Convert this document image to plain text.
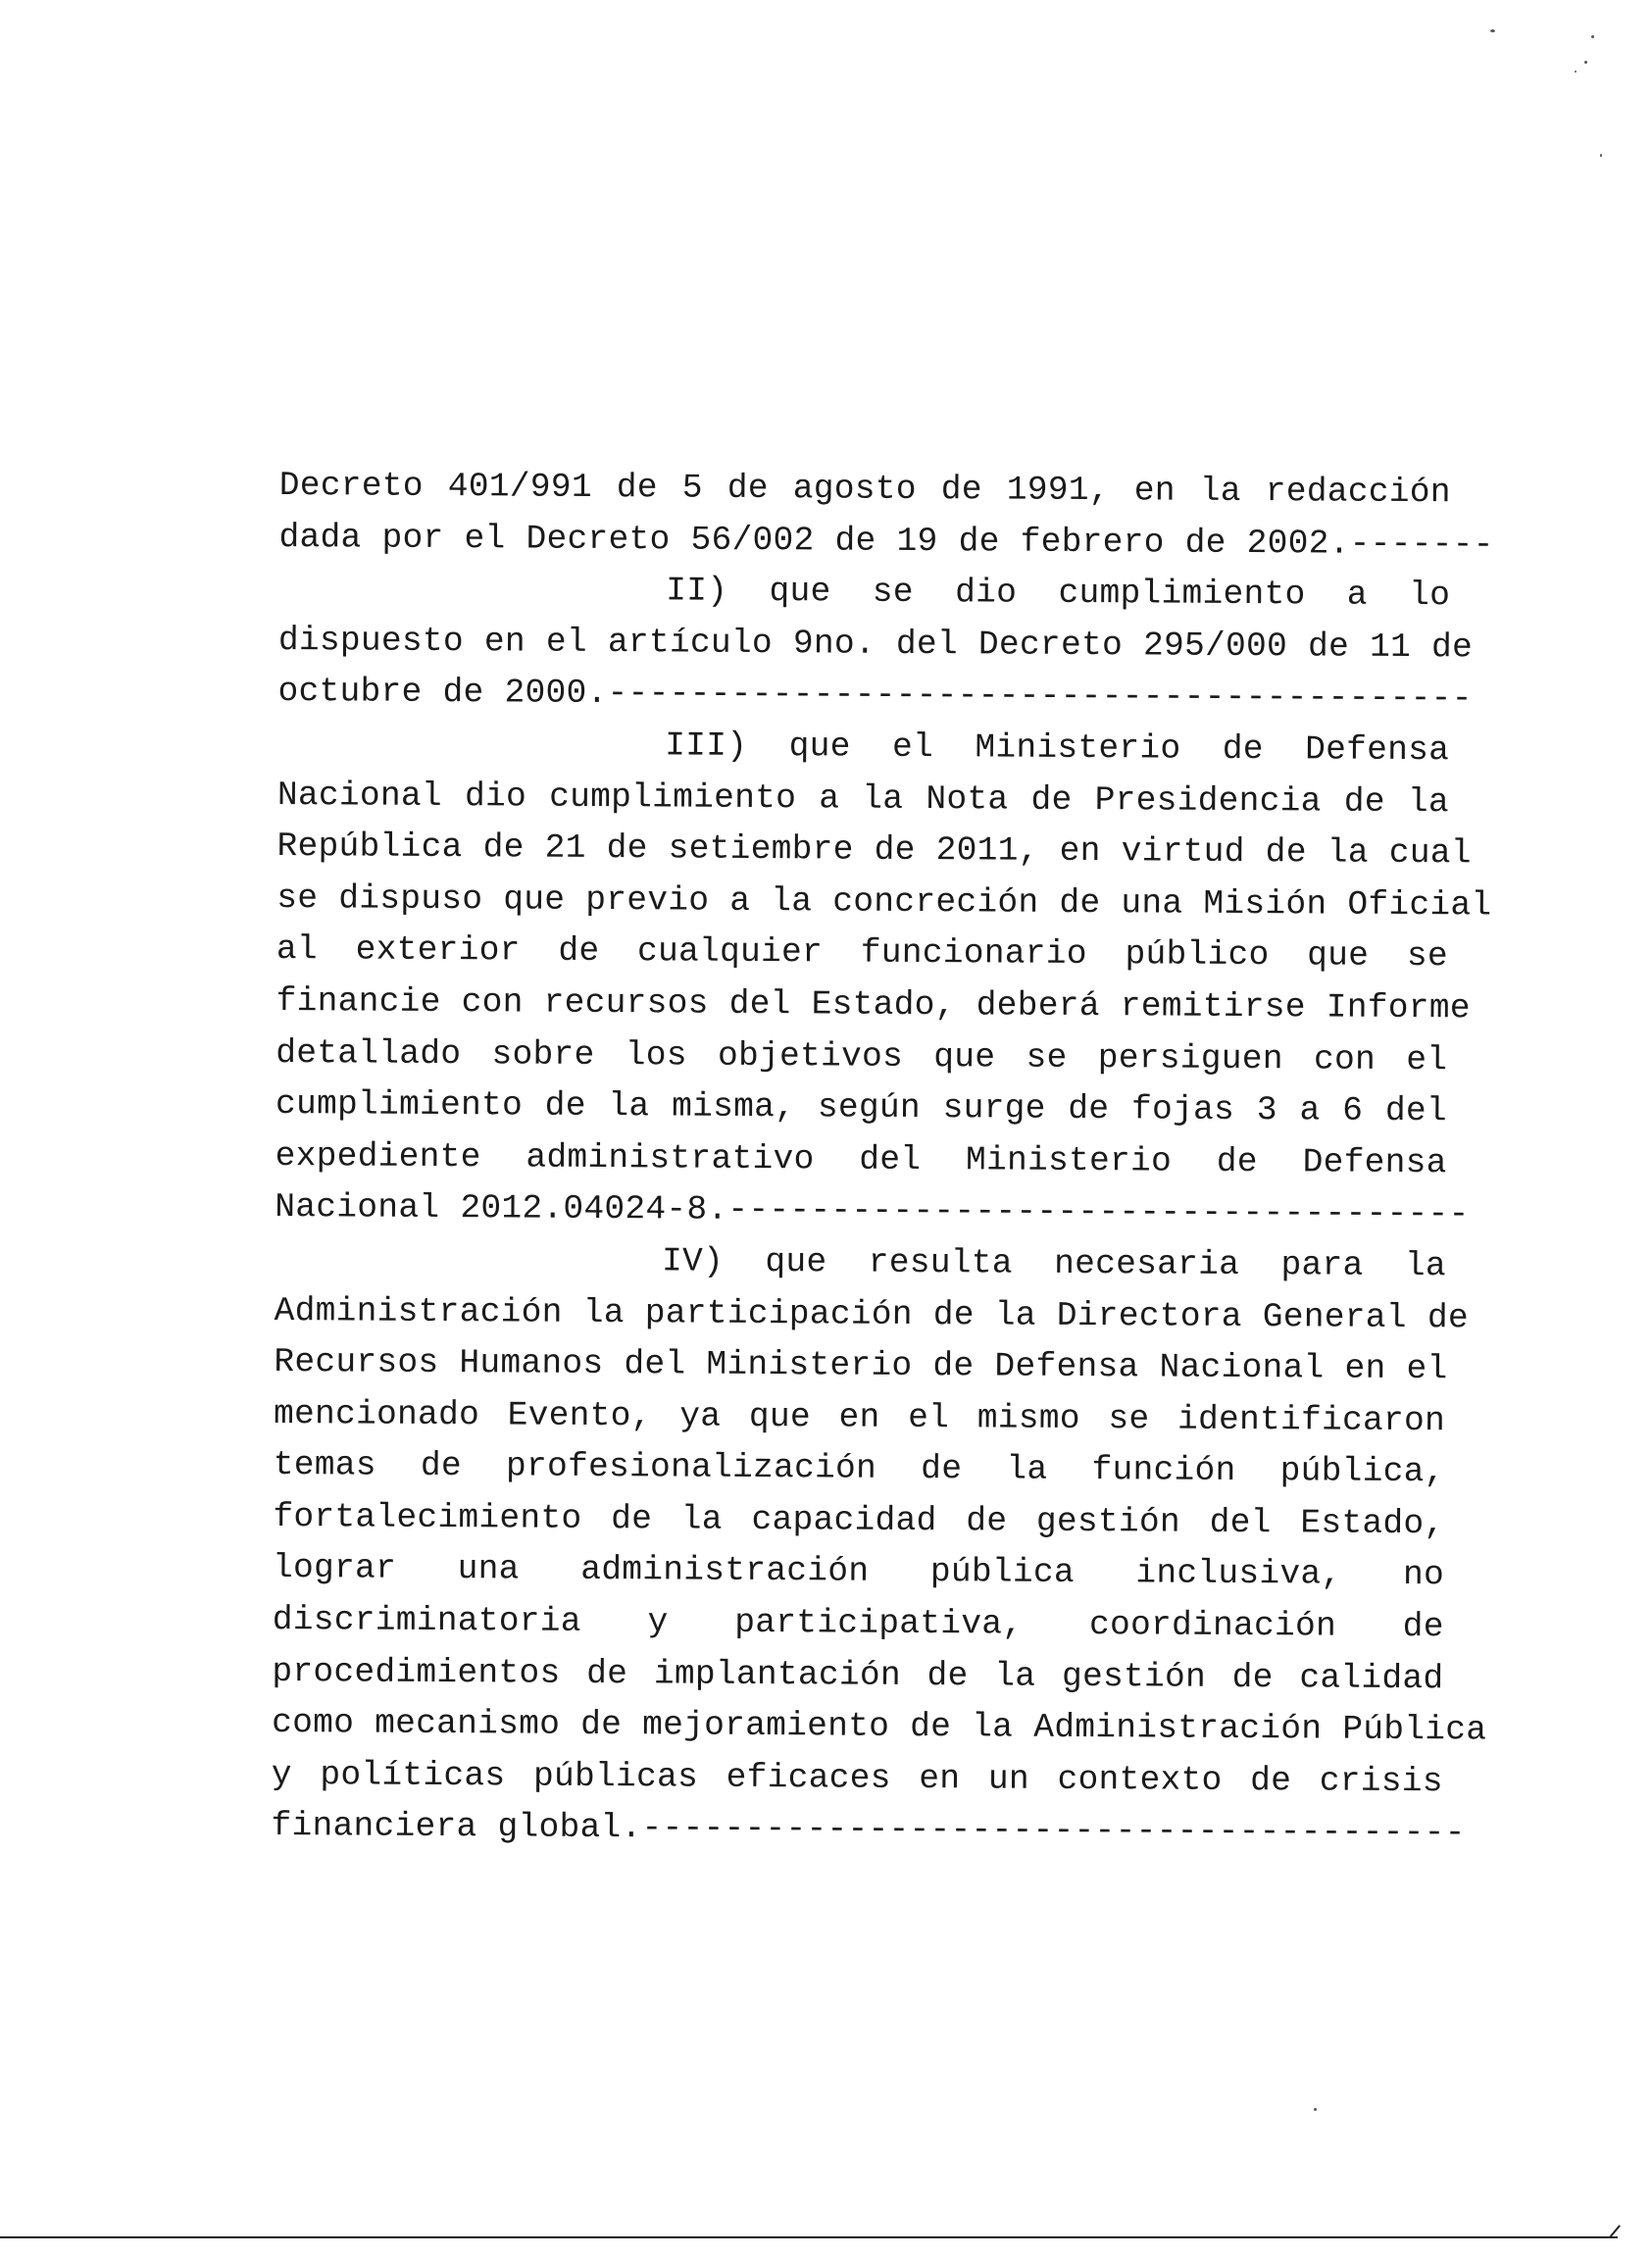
Decreto 401/991 de 5 de agosto de 1991, en la redacción
dada por el Decreto 56/002 de 19 de febrero de 2002.-------
II) que se dio cumplimiento a lo
dispuesto en el artículo 9no. del Decreto 295/000 de 11 de
octubre de 2000.------------------------------------------
III) que el Ministerio de Defensa
Nacional dio cumplimiento a la Nota de Presidencia de la
República de 21 de setiembre de 2011, en virtud de la cual
se dispuso que previo a la concreción de una Misión Oficial
al exterior de cualquier funcionario público que se
financie con recursos del Estado, deberá remitirse Informe
detallado sobre los objetivos que se persiguen con el
cumplimiento de la misma, según surge de fojas 3 a 6 del
expediente administrativo del Ministerio de Defensa
Nacional 2012.04024-8.------------------------------------
IV) que resulta necesaria para la
Administración la participación de la Directora General de
Recursos Humanos del Ministerio de Defensa Nacional en el
mencionado Evento, ya que en el mismo se identificaron
temas de profesionalización de la función pública,
fortalecimiento de la capacidad de gestión del Estado,
lograr una administración pública inclusiva, no
discriminatoria y participativa, coordinación de
procedimientos de implantación de la gestión de calidad
como mecanismo de mejoramiento de la Administración Pública
y políticas públicas eficaces en un contexto de crisis
financiera global.----------------------------------------
